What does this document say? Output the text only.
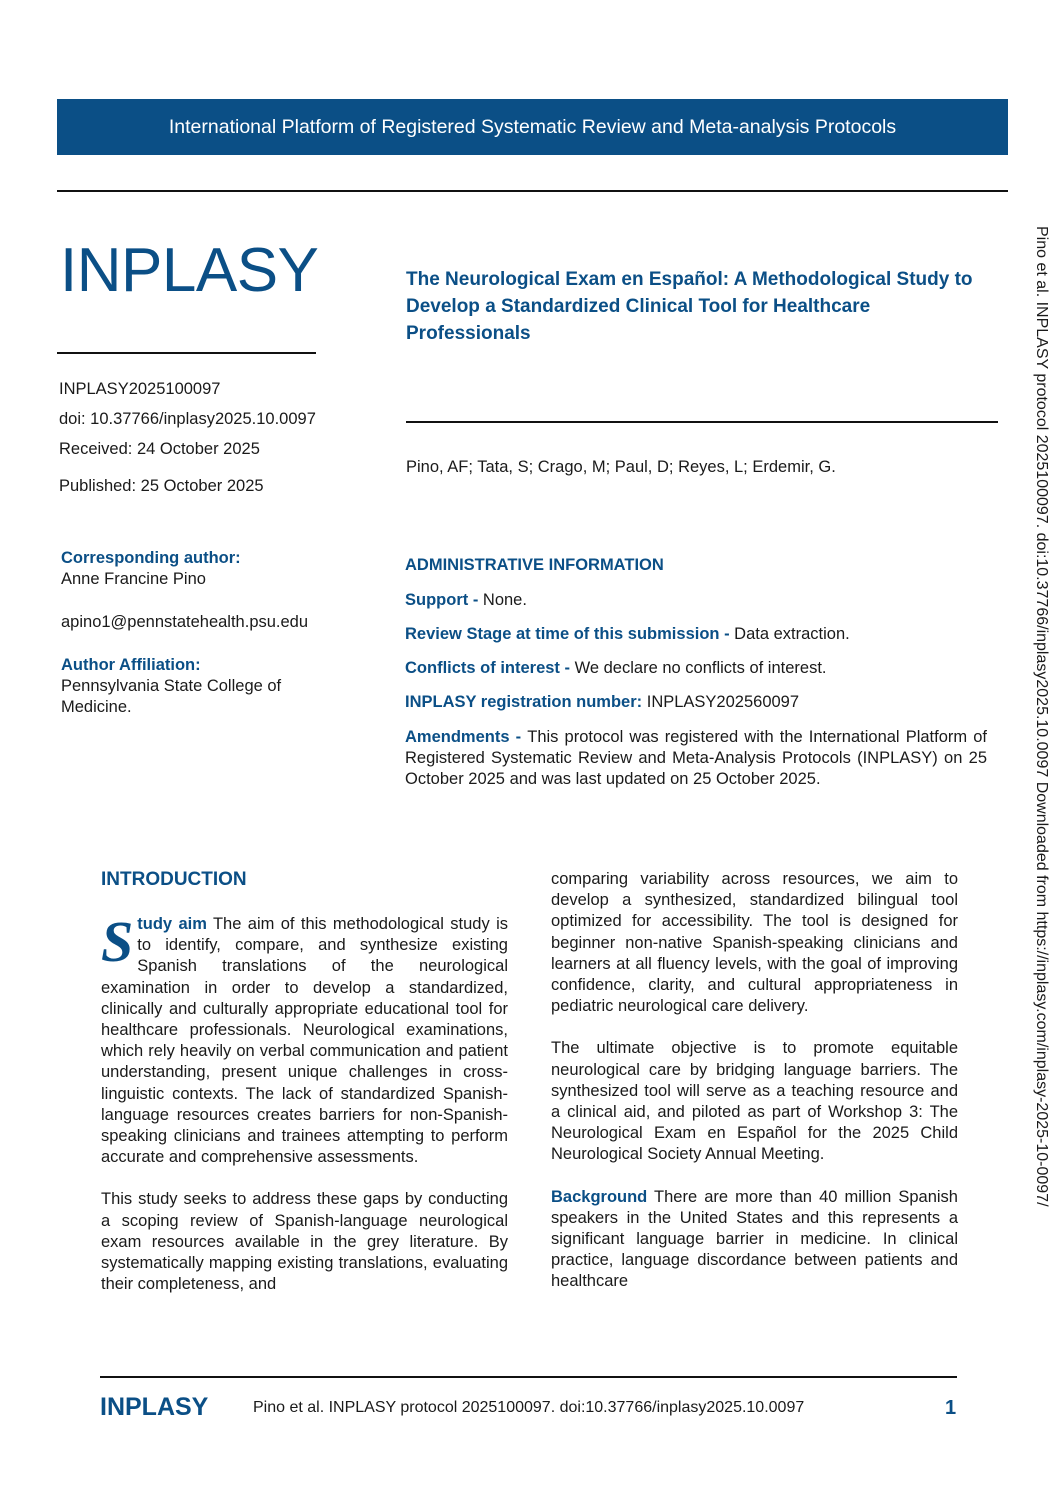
International Platform of Registered Systematic Review and Meta-analysis Protocols
INPLASY	The Neurological Exam en Español: A Methodological Study to Develop a Standardized Clinical Tool for Healthcare Professionals
INPLASY2025100097
doi: 10.37766/inplasy2025.10.0097
Received: 24 October 2025
Published: 25 October 2025
Pino, AF; Tata, S; Crago, M; Paul, D; Reyes, L; Erdemir, G.
Corresponding author:
Anne Francine Pino
apino1@pennstatehealth.psu.edu
Author Affiliation:
Pennsylvania State College of Medicine.
ADMINISTRATIVE INFORMATION

Support - None.

Review Stage at time of this submission - Data extraction.

Conflicts of interest - We declare no conflicts of interest.

INPLASY registration number: INPLASY202560097

Amendments - This protocol was registered with the International Platform of Registered Systematic Review and Meta-Analysis Protocols (INPLASY) on 25 October 2025 and was last updated on 25 October 2025.

INTRODUCTION

Study aim The aim of this methodological study is to identify, compare, and synthesize existing Spanish translations of the neurological examination in order to develop a standardized, clinically and culturally appropriate educational tool for healthcare professionals. Neurological examinations, which rely heavily on verbal communication and patient understanding, present unique challenges in cross-linguistic contexts. The lack of standardized Spanish-language resources creates barriers for non-Spanish-speaking clinicians and trainees attempting to perform accurate and comprehensive assessments.

This study seeks to address these gaps by conducting a scoping review of Spanish-language neurological exam resources available in the grey literature. By systematically mapping existing translations, evaluating their completeness, and

comparing variability across resources, we aim to develop a synthesized, standardized bilingual tool optimized for accessibility. The tool is designed for beginner non-native Spanish-speaking clinicians and learners at all fluency levels, with the goal of improving confidence, clarity, and cultural appropriateness in pediatric neurological care delivery.

The ultimate objective is to promote equitable neurological care by bridging language barriers. The synthesized tool will serve as a teaching resource and a clinical aid, and piloted as part of Workshop 3: The Neurological Exam en Español for the 2025 Child Neurological Society Annual Meeting.

Background There are more than 40 million Spanish speakers in the United States and this represents a significant language barrier in medicine. In clinical practice, language discordance between patients and healthcare

Pino et al. INPLASY protocol 2025100097. doi:10.37766/inplasy2025.10.0097 Downloaded from https://inplasy.com/inplasy-2025-10-0097/
INPLASY	Pino et al. INPLASY protocol 2025100097. doi:10.37766/inplasy2025.10.0097	1
